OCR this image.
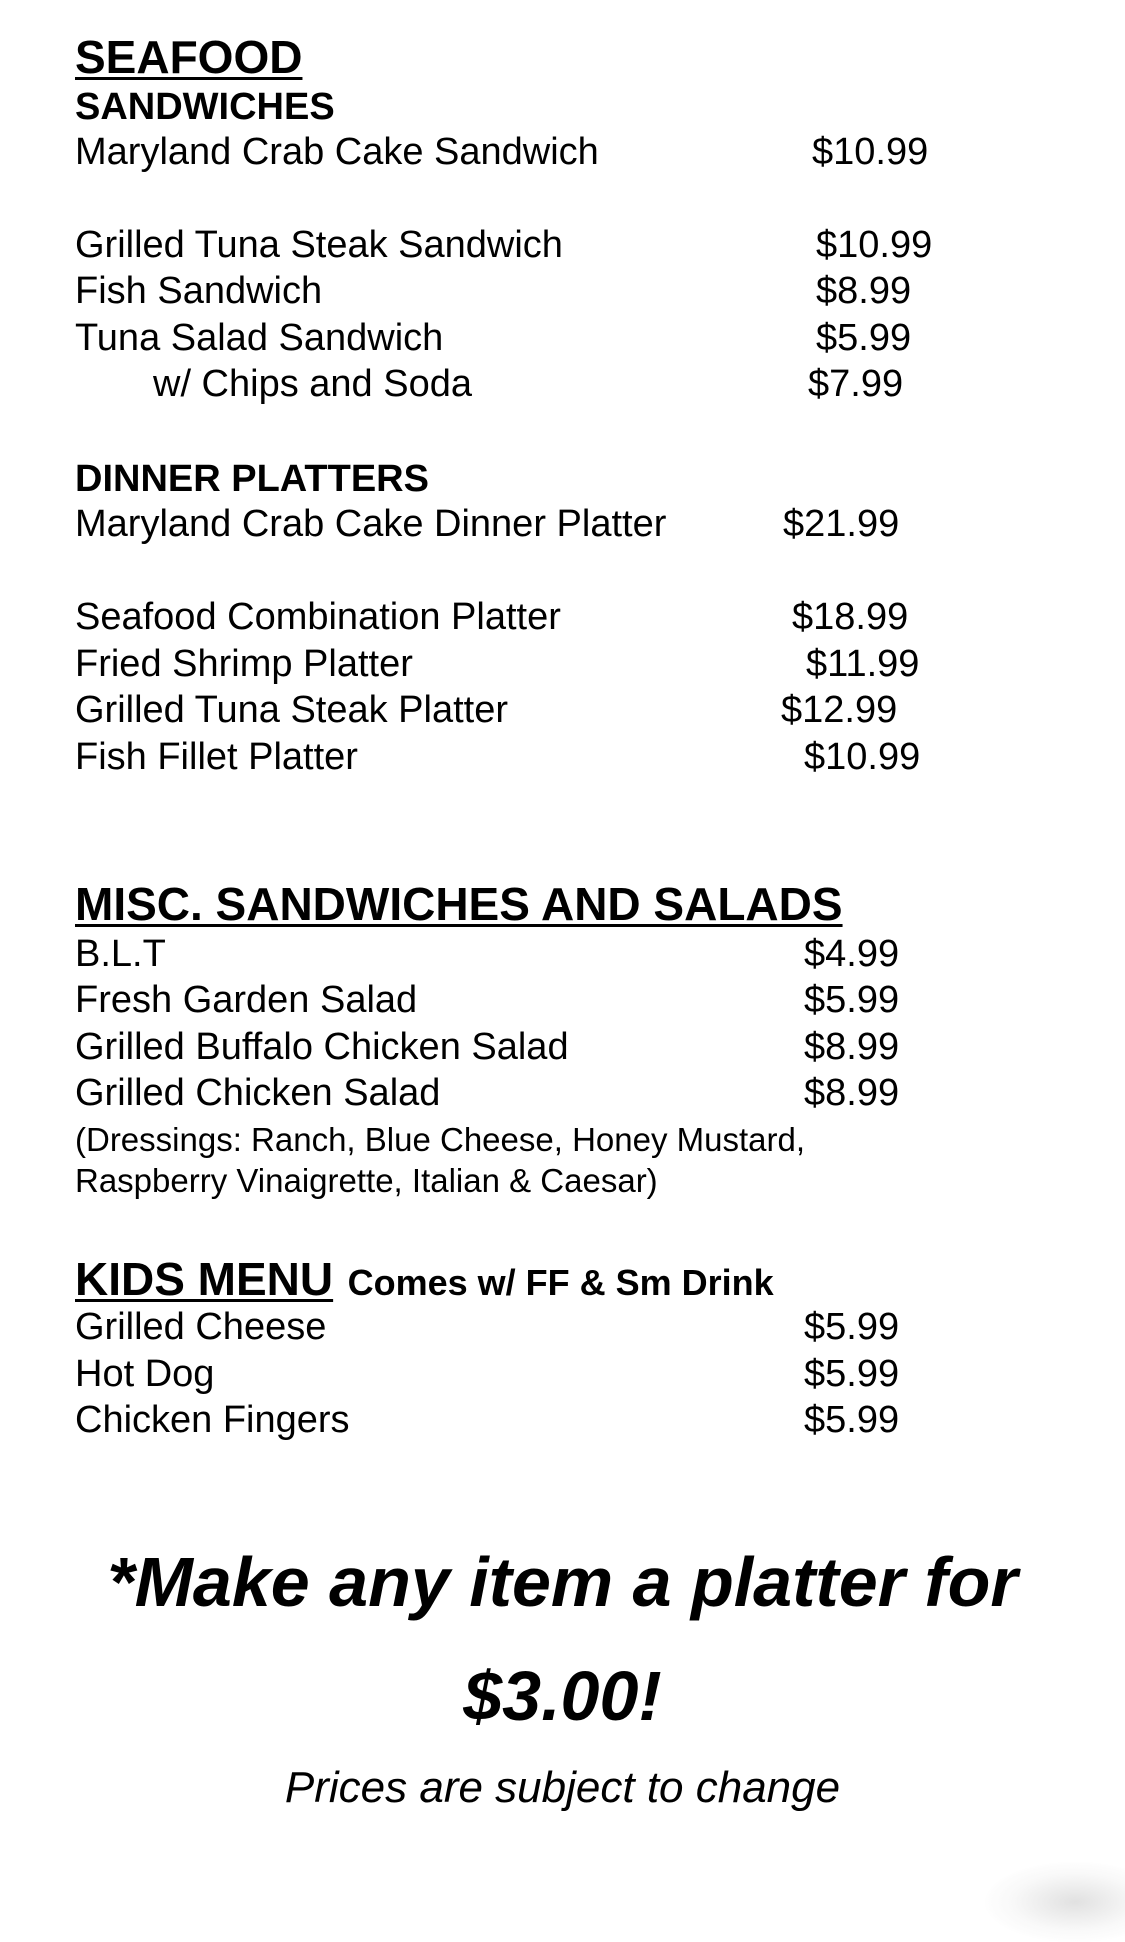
SEAFOOD
SANDWICHES
Maryland Crab Cake Sandwich	$10.99
Grilled Tuna Steak Sandwich	$10.99
Fish Sandwich	$8.99
Tuna Salad Sandwich	$5.99
w/ Chips and Soda	$7.99
DINNER PLATTERS
Maryland Crab Cake Dinner Platter	$21.99
Seafood Combination Platter	$18.99
Fried Shrimp Platter	$11.99
Grilled Tuna Steak Platter	$12.99
Fish Fillet Platter	$10.99
MISC. SANDWICHES AND SALADS
B.L.T	$4.99
Fresh Garden Salad	$5.99
Grilled Buffalo Chicken Salad	$8.99
Grilled Chicken Salad	$8.99
(Dressings: Ranch, Blue Cheese, Honey Mustard,
Raspberry Vinaigrette, Italian & Caesar)
KIDS MENU Comes w/ FF & Sm Drink
Grilled Cheese	$5.99
Hot Dog	$5.99
Chicken Fingers	$5.99
*Make any item a platter for
$3.00!
Prices are subject to change
